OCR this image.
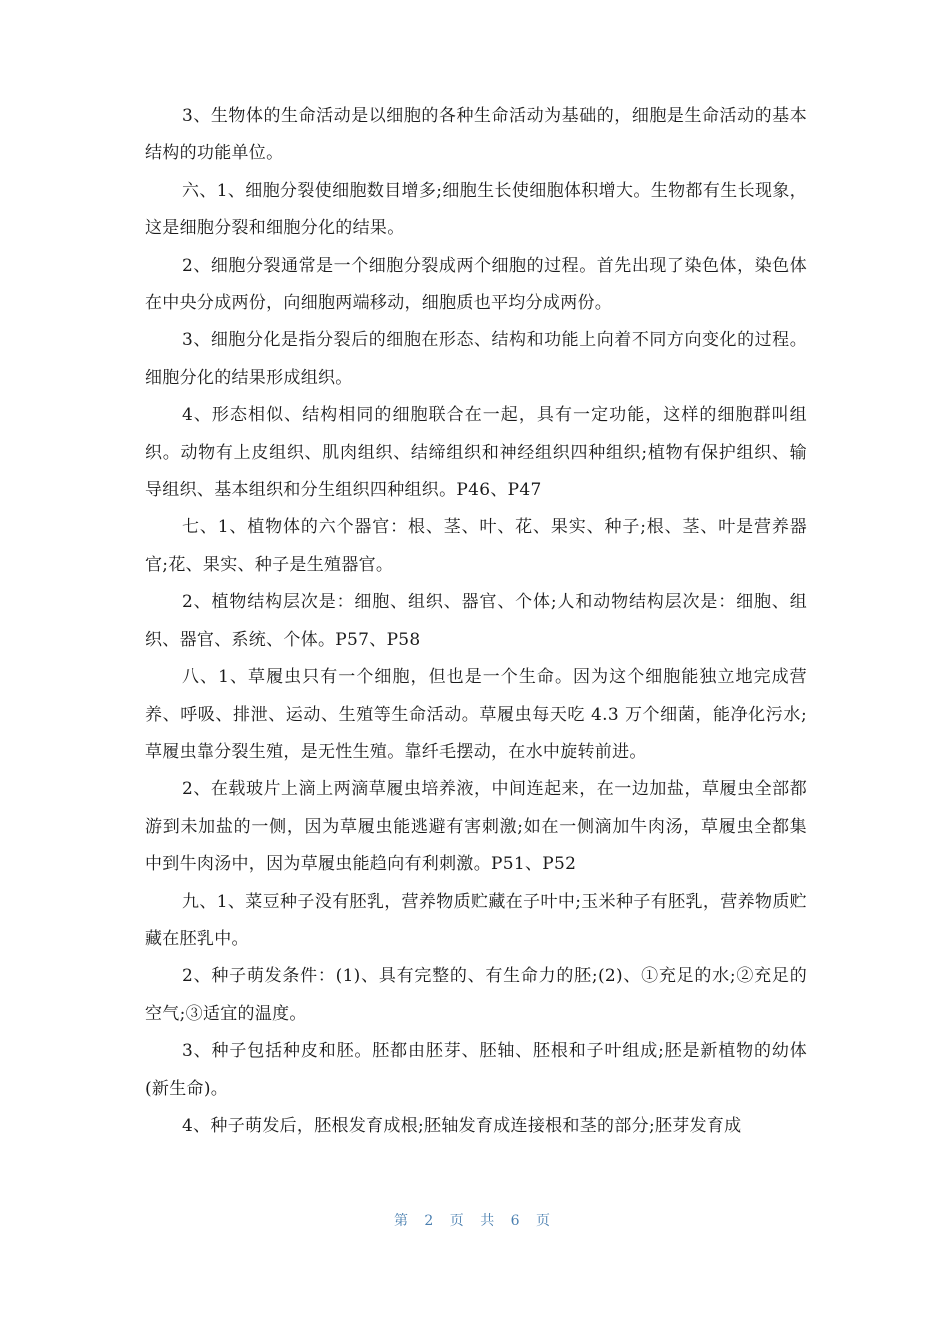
3、生物体的生命活动是以细胞的各种生命活动为基础的，细胞是生命活动的基本结构的功能单位。

六、1、细胞分裂使细胞数目增多;细胞生长使细胞体积增大。生物都有生长现象，这是细胞分裂和细胞分化的结果。

2、细胞分裂通常是一个细胞分裂成两个细胞的过程。首先出现了染色体，染色体在中央分成两份，向细胞两端移动，细胞质也平均分成两份。

3、细胞分化是指分裂后的细胞在形态、结构和功能上向着不同方向变化的过程。细胞分化的结果形成组织。

4、形态相似、结构相同的细胞联合在一起，具有一定功能，这样的细胞群叫组织。动物有上皮组织、肌肉组织、结缔组织和神经组织四种组织;植物有保护组织、输导组织、基本组织和分生组织四种组织。P46、P47

七、1、植物体的六个器官：根、茎、叶、花、果实、种子;根、茎、叶是营养器官;花、果实、种子是生殖器官。

2、植物结构层次是：细胞、组织、器官、个体;人和动物结构层次是：细胞、组织、器官、系统、个体。P57、P58

八、1、草履虫只有一个细胞，但也是一个生命。因为这个细胞能独立地完成营养、呼吸、排泄、运动、生殖等生命活动。草履虫每天吃 4.3 万个细菌，能净化污水;草履虫靠分裂生殖，是无性生殖。靠纤毛摆动，在水中旋转前进。

2、在载玻片上滴上两滴草履虫培养液，中间连起来，在一边加盐，草履虫全部都游到未加盐的一侧，因为草履虫能逃避有害刺激;如在一侧滴加牛肉汤，草履虫全都集中到牛肉汤中，因为草履虫能趋向有利刺激。P51、P52

九、1、菜豆种子没有胚乳，营养物质贮藏在子叶中;玉米种子有胚乳，营养物质贮藏在胚乳中。

2、种子萌发条件：(1)、具有完整的、有生命力的胚;(2)、①充足的水;②充足的空气;③适宜的温度。

3、种子包括种皮和胚。胚都由胚芽、胚轴、胚根和子叶组成;胚是新植物的幼体(新生命)。

4、种子萌发后，胚根发育成根;胚轴发育成连接根和茎的部分;胚芽发育成

第 2 页 共 6 页
